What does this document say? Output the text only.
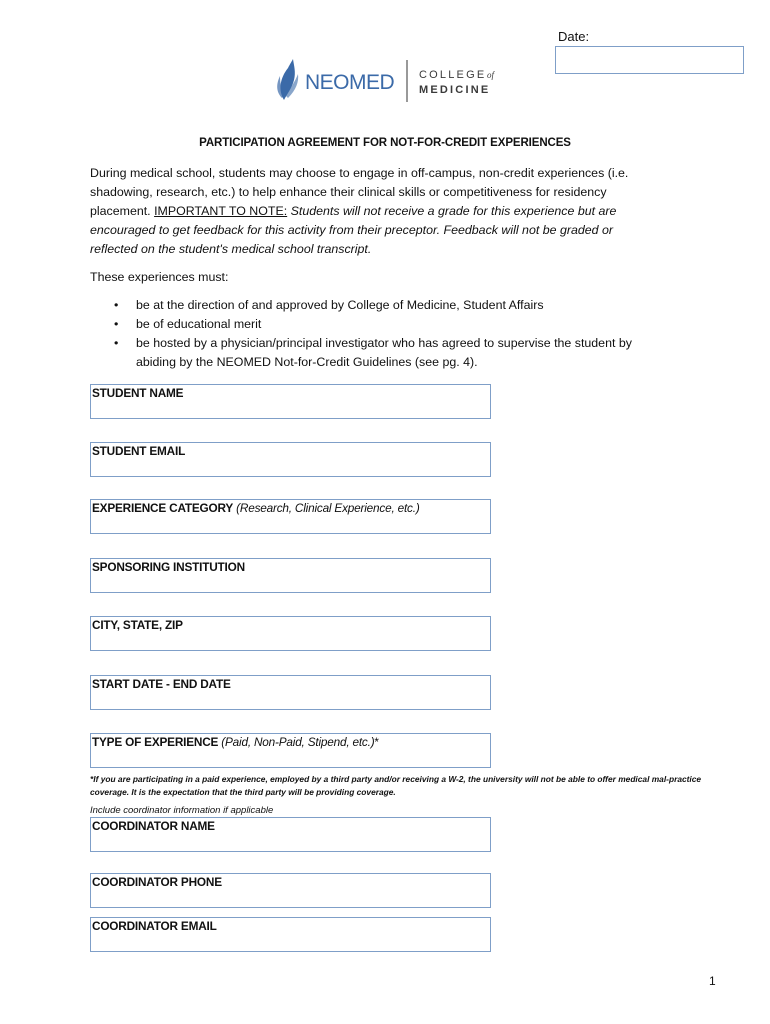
Date:
NEOMED COLLEGE of
MEDICINE
PARTICIPATION AGREEMENT FOR NOT-FOR-CREDIT EXPERIENCES
During medical school, students may choose to engage in off-campus, non-credit experiences (i.e. shadowing, research, etc.) to help enhance their clinical skills or competitiveness for residency placement. IMPORTANT TO NOTE: Students will not receive a grade for this experience but are encouraged to get feedback for this activity from their preceptor. Feedback will not be graded or reflected on the student's medical school transcript.
These experiences must:
• be at the direction of and approved by College of Medicine, Student Affairs
• be of educational merit
• be hosted by a physician/principal investigator who has agreed to supervise the student by abiding by the NEOMED Not-for-Credit Guidelines (see pg. 4).
STUDENT NAME
STUDENT EMAIL
EXPERIENCE CATEGORY (Research, Clinical Experience, etc.)
SPONSORING INSTITUTION
CITY, STATE, ZIP
START DATE - END DATE
TYPE OF EXPERIENCE (Paid, Non-Paid, Stipend, etc.)*
*If you are participating in a paid experience, employed by a third party and/or receiving a W-2, the university will not be able to offer medical mal-practice coverage. It is the expectation that the third party will be providing coverage.
Include coordinator information if applicable
COORDINATOR NAME
COORDINATOR PHONE
COORDINATOR EMAIL
1
